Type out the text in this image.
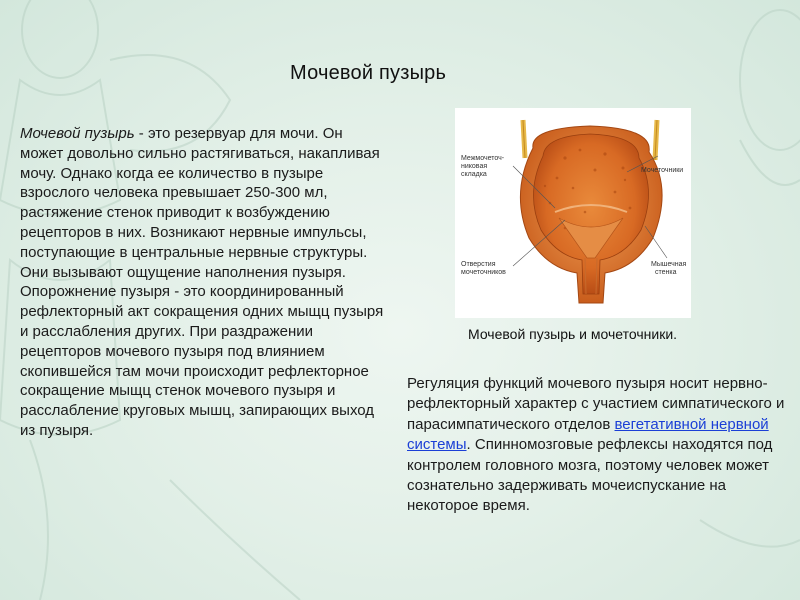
Мочевой пузырь
Мочевой пузырь - это резервуар для мочи. Он может довольно сильно растягиваться, накапливая мочу. Однако когда ее количество в пузыре взрослого человека превышает 250-300 мл, растяжение стенок приводит к возбуждению рецепторов в них. Возникают нервные импульсы, поступающие в центральные нервные структуры. Они вызывают ощущение наполнения пузыря. Опорожнение пузыря - это координированный рефлекторный акт сокращения одних мыщц пузыря и расслабления других. При раздражении рецепторов мочевого пузыря под влиянием скопившейся там мочи происходит рефлекторное сокращение мыщц стенок мочевого пузыря и расслабление круговых мышц, запирающих выход из пузыря.
Межмочеточ-
никовая
складка
Мочеточники
Отверстия
мочеточников
Мышечная
стенка
Мочевой пузырь и мочеточники.
Регуляция функций мочевого пузыря носит нервно-рефлекторный характер с участием симпатического и парасимпатического отделов вегетативной нервной системы. Спинномозговые рефлексы находятся под контролем головного мозга, поэтому человек может сознательно задерживать мочеиспускание на некоторое время.
